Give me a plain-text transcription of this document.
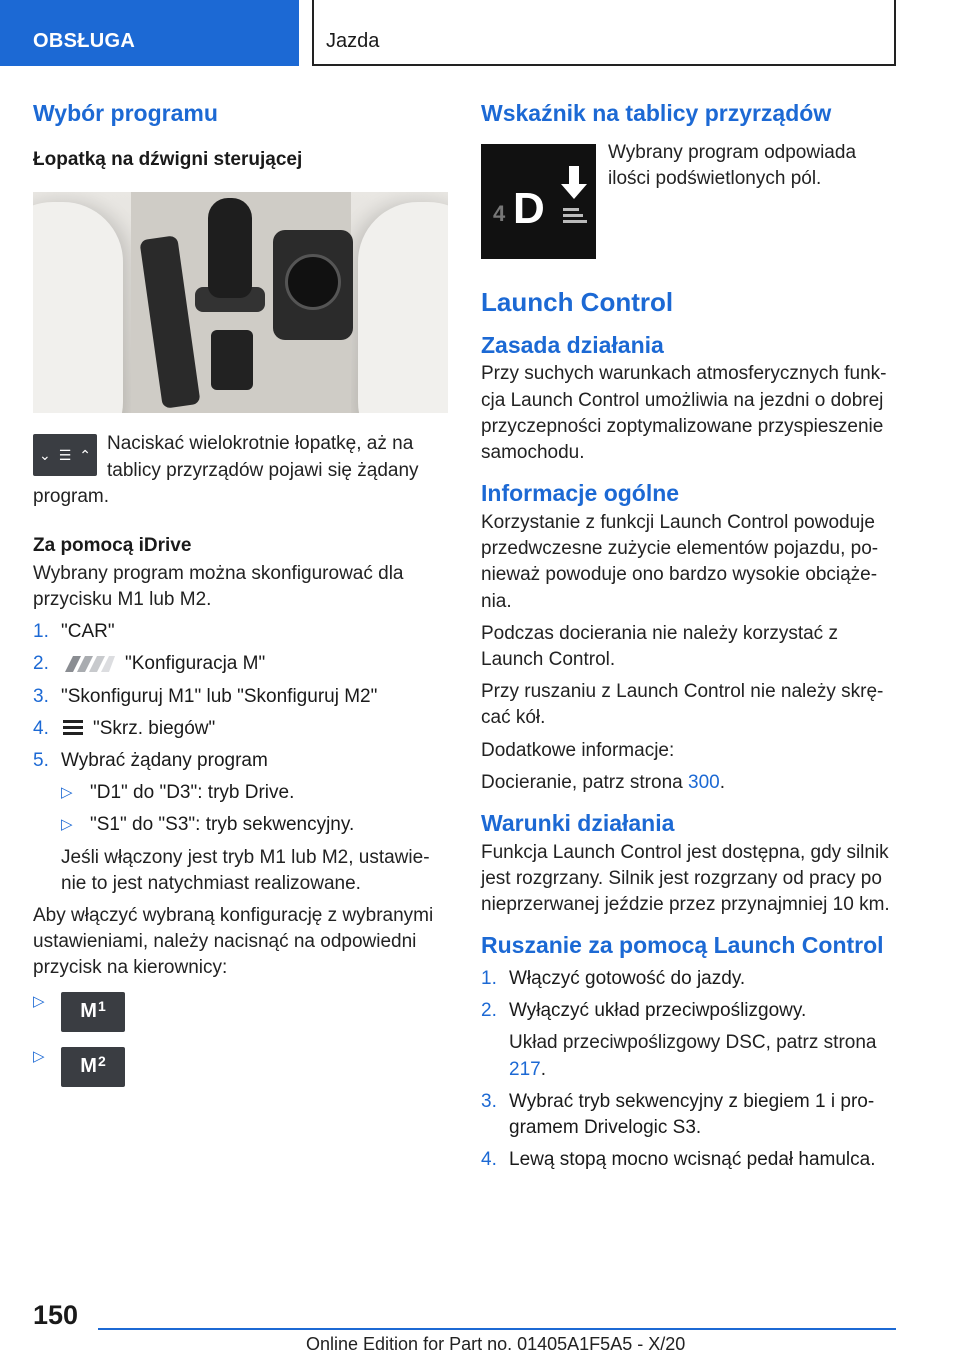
OBSŁUGA	Jazda
Wybór programu
Łopatką na dźwigni sterującej
⌄ ☰ ⌃

Naciskać wielokrotnie łopatkę, aż na tablicy przyrządów pojawi się żądany program.

Za pomocą iDrive

Wybrany program można skonfigurować dla przycisku M1 lub M2.

1. "CAR"
2.	"Konfiguracja M"
3. "Skonfiguruj M1" lub "Skonfiguruj M2"
4.	"Skrz. biegów"
5. Wybrać żądany program
▷ "D1" do "D3": tryb Drive.
▷ "S1" do "S3": tryb sekwencyjny.

Jeśli włączony jest tryb M1 lub M2, ustawie‐nie to jest natychmiast realizowane.

Aby włączyć wybraną konfigurację z wybranymi ustawieniami, należy nacisnąć na odpowiedni przycisk na kierownicy:

▷	$M^1$
▷	$M^2$
Wskaźnik na tablicy przyrządów
4 D

Wybrany program odpowiada ilości podświetlonych pól.

Launch Control
Zasada działania

Przy suchych warunkach atmosferycznych funk‐cja Launch Control umożliwia na jezdni o dobrej przyczepności zoptymalizowane przyspieszenie samochodu.

Informacje ogólne

Korzystanie z funkcji Launch Control powoduje przedwczesne zużycie elementów pojazdu, po‐nieważ powoduje ono bardzo wysokie obciąże‐nia.

Podczas docierania nie należy korzystać z Launch Control.

Przy ruszaniu z Launch Control nie należy skrę‐cać kół.

Dodatkowe informacje:

Docieranie, patrz strona 300.

Warunki działania

Funkcja Launch Control jest dostępna, gdy silnik jest rozgrzany. Silnik jest rozgrzany od pracy po nieprzerwanej jeździe przez przynajmniej 10 km.

Ruszanie za pomocą Launch Control
1. Włączyć gotowość do jazdy.
2. Wyłączyć układ przeciwpoślizgowy.

Układ przeciwpoślizgowy DSC, patrz strona 217.

3. Wybrać tryb sekwencyjny z biegiem 1 i pro‐gramem Drivelogic S3.
4. Lewą stopą mocno wcisnąć pedał hamulca.
150
Online Edition for Part no. 01405A1F5A5 - X/20
